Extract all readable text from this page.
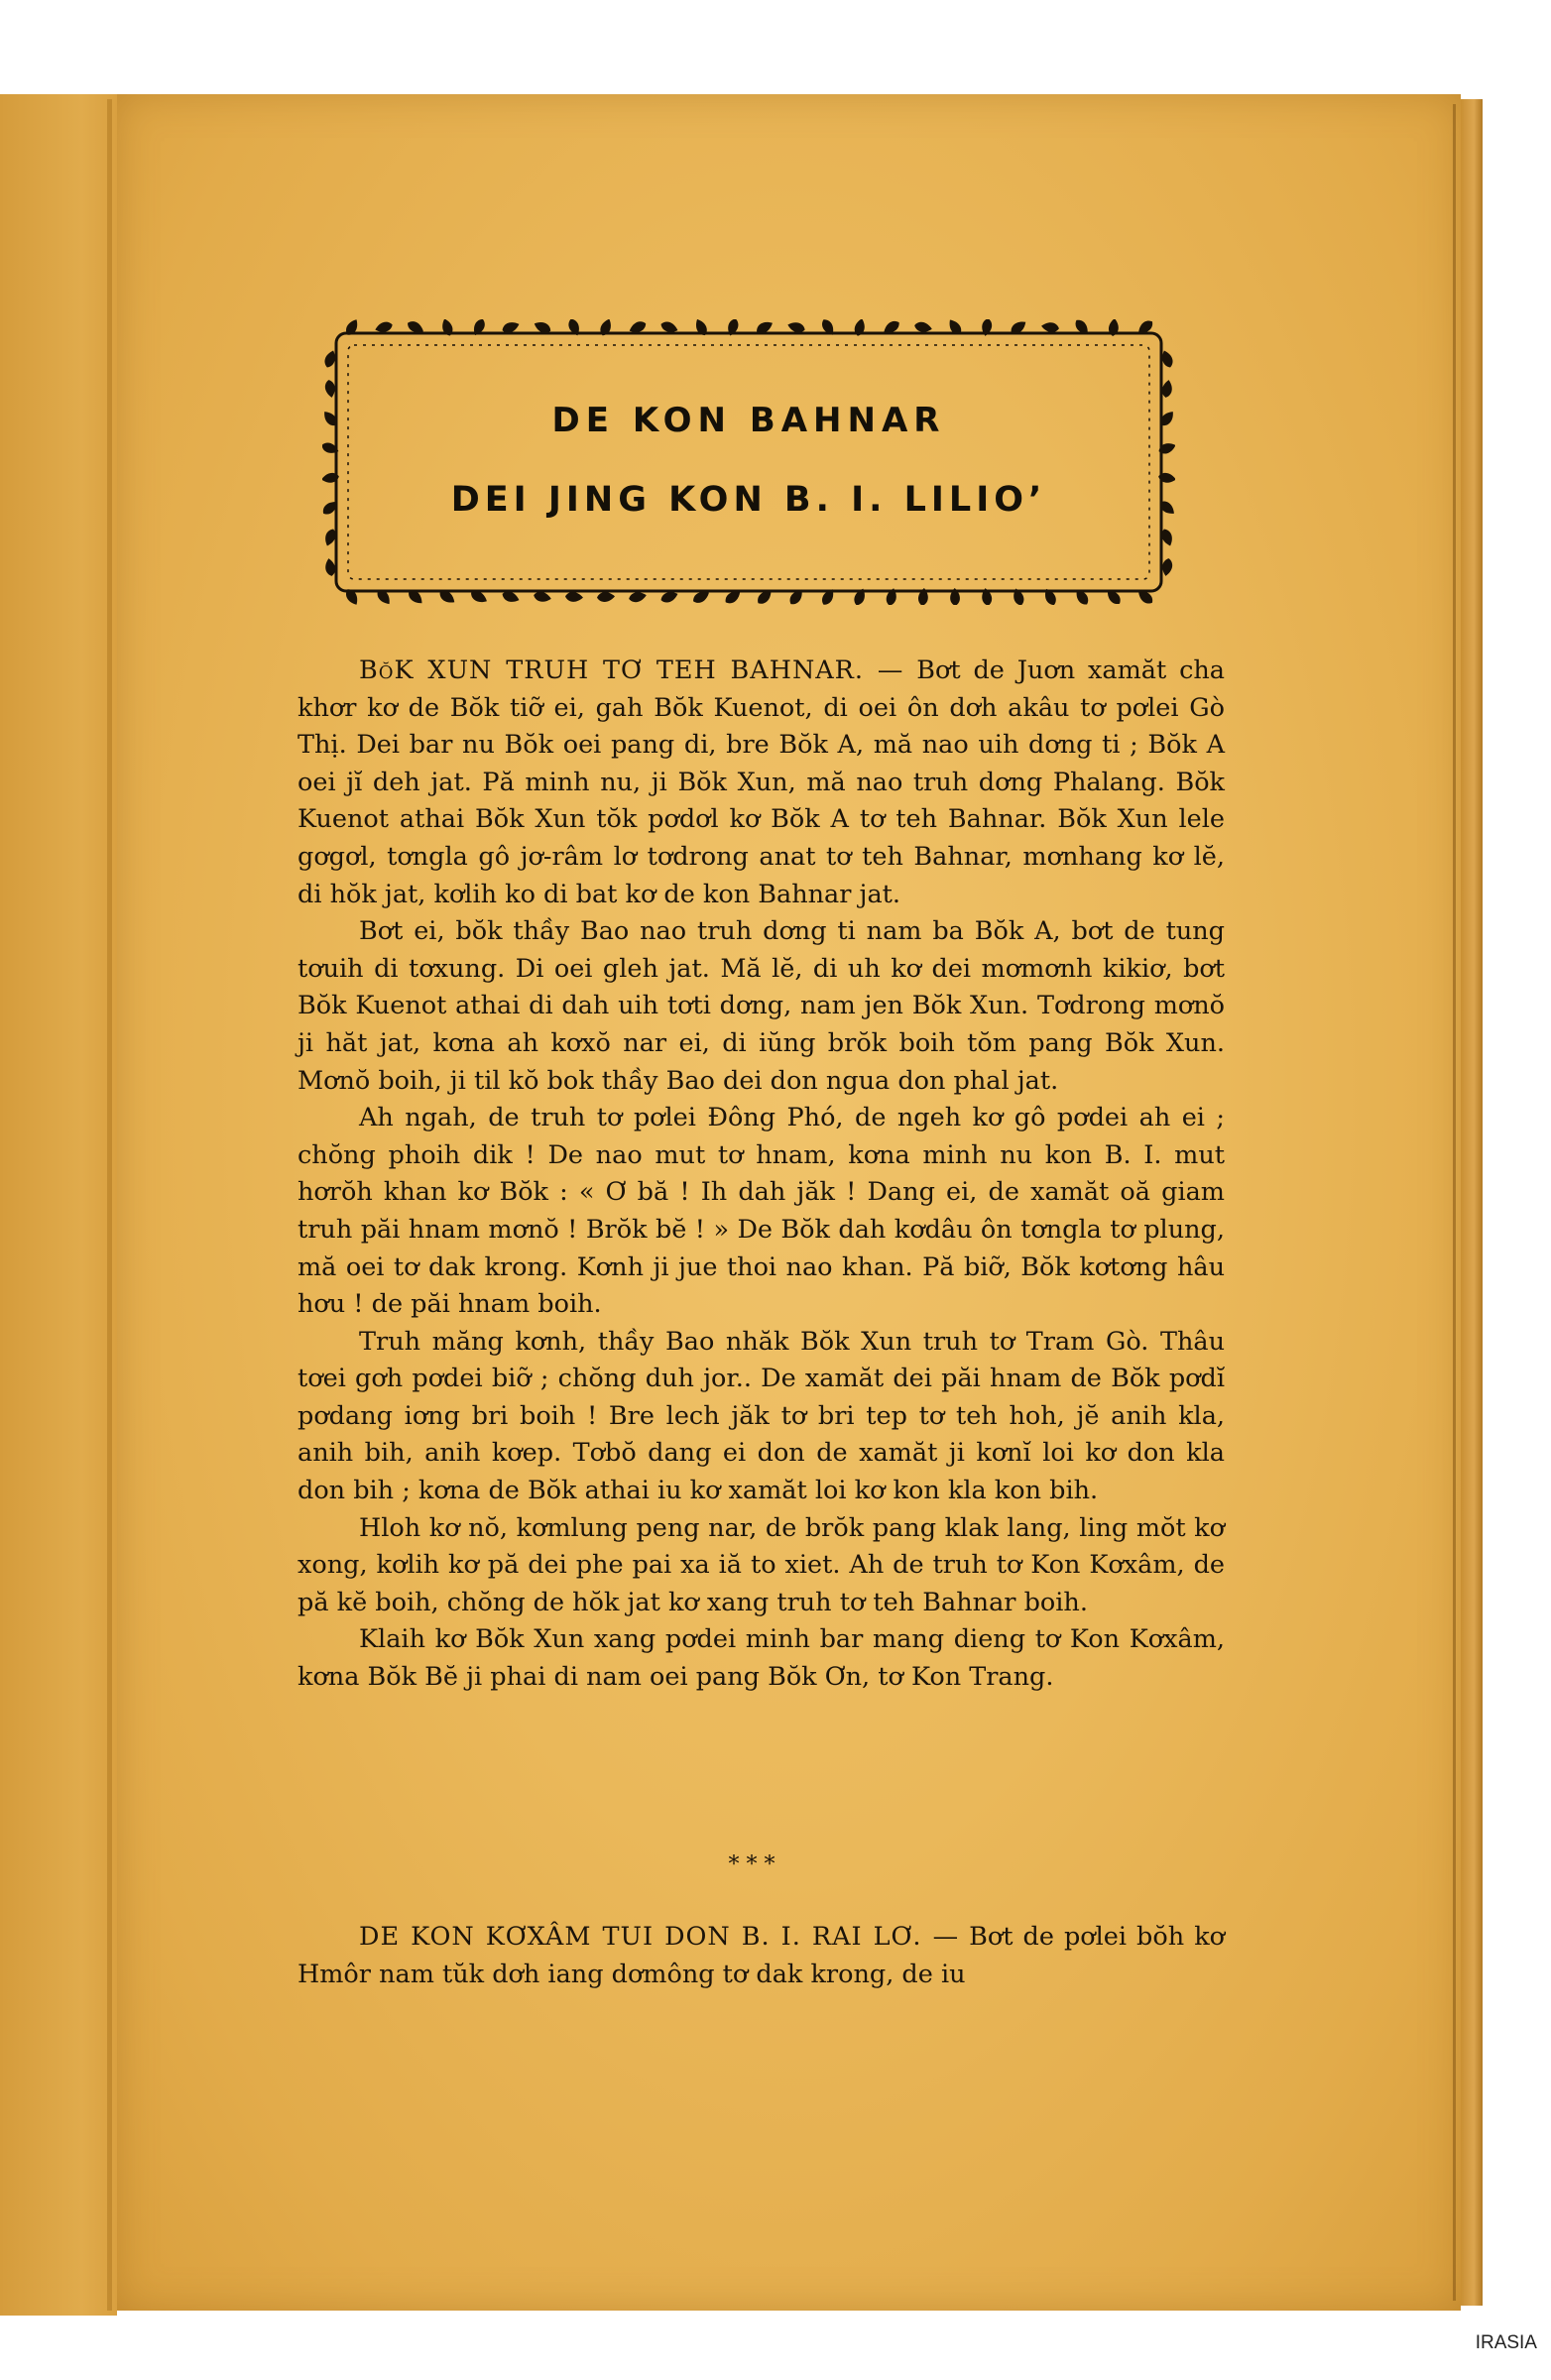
DE KON BAHNAR
DEI JING KON B. I. LILIO’

BŏK XUN TRUH TƠ TEH BAHNAR. — Bơt de Juơn xamăt cha khơr kơ de Bŏk tiỡ ei, gah Bŏk Kuenot, di oei ôn dơh akâu tơ pơlei Gò Thị. Dei bar nu Bŏk oei pang di, bre Bŏk A, mă nao uih dơng ti ; Bŏk A oei jĭ deh jat. Pă minh nu, ji Bŏk Xun, mă nao truh dơng Phalang. Bŏk Kuenot athai Bŏk Xun tŏk pơdơl kơ Bŏk A tơ teh Bahnar. Bŏk Xun lele gơgơl, tơngla gô jơ-râm lơ tơdrong anat tơ teh Bahnar, mơnhang kơ lĕ, di hŏk jat, kơlih ko di bat kơ de kon Bahnar jat.

Bơt ei, bŏk thầy Bao nao truh dơng ti nam ba Bŏk A, bơt de tung tơuih di tơxung. Di oei gleh jat. Mă lĕ, di uh kơ dei mơmơnh kikiơ, bơt Bŏk Kuenot athai di dah uih tơti dơng, nam jen Bŏk Xun. Tơdrong mơnŏ ji hăt jat, kơna ah kơxŏ nar ei, di iŭng brŏk boih tŏm pang Bŏk Xun. Mơnŏ boih, ji til kŏ bok thầy Bao dei don ngua don phal jat.

Ah ngah, de truh tơ pơlei Đông Phó, de ngeh kơ gô pơdei ah ei ; chŏng phoih dik ! De nao mut tơ hnam, kơna minh nu kon B. I. mut hơrŏh khan kơ Bŏk : « Ơ bă ! Ih dah jăk ! Dang ei, de xamăt oă giam truh păi hnam mơnŏ ! Brŏk bĕ ! » De Bŏk dah kơdâu ôn tơngla tơ plung, mă oei tơ dak krong. Kơnh ji jue thoi nao khan. Pă biỡ, Bŏk kơtơng hâu hơu ! de păi hnam boih.

Truh măng kơnh, thầy Bao nhăk Bŏk Xun truh tơ Tram Gò. Thâu tơei gơh pơdei biỡ ; chŏng duh jor.. De xamăt dei păi hnam de Bŏk pơdĭ pơdang iơng bri boih ! Bre lech jăk tơ bri tep tơ teh hoh, jĕ anih kla, anih bih, anih kơep. Tơbŏ dang ei don de xamăt ji kơnĭ loi kơ don kla don bih ; kơna de Bŏk athai iu kơ xamăt loi kơ kon kla kon bih.

Hloh kơ nŏ, kơmlung peng nar, de brŏk pang klak lang, ling mŏt kơ xong, kơlih kơ pă dei phe pai xa iă to xiet. Ah de truh tơ Kon Kơxâm, de pă kĕ boih, chŏng de hŏk jat kơ xang truh tơ teh Bahnar boih.

Klaih kơ Bŏk Xun xang pơdei minh bar mang dieng tơ Kon Kơxâm, kơna Bŏk Bĕ ji phai di nam oei pang Bŏk Ơn, tơ Kon Trang.

* * *

DE KON KƠXÂM TUI DON B. I. RAI LƠ. — Bơt de pơlei bŏh kơ Hmôr nam tŭk dơh iang dơmông tơ dak krong, de iu

IRASIA
